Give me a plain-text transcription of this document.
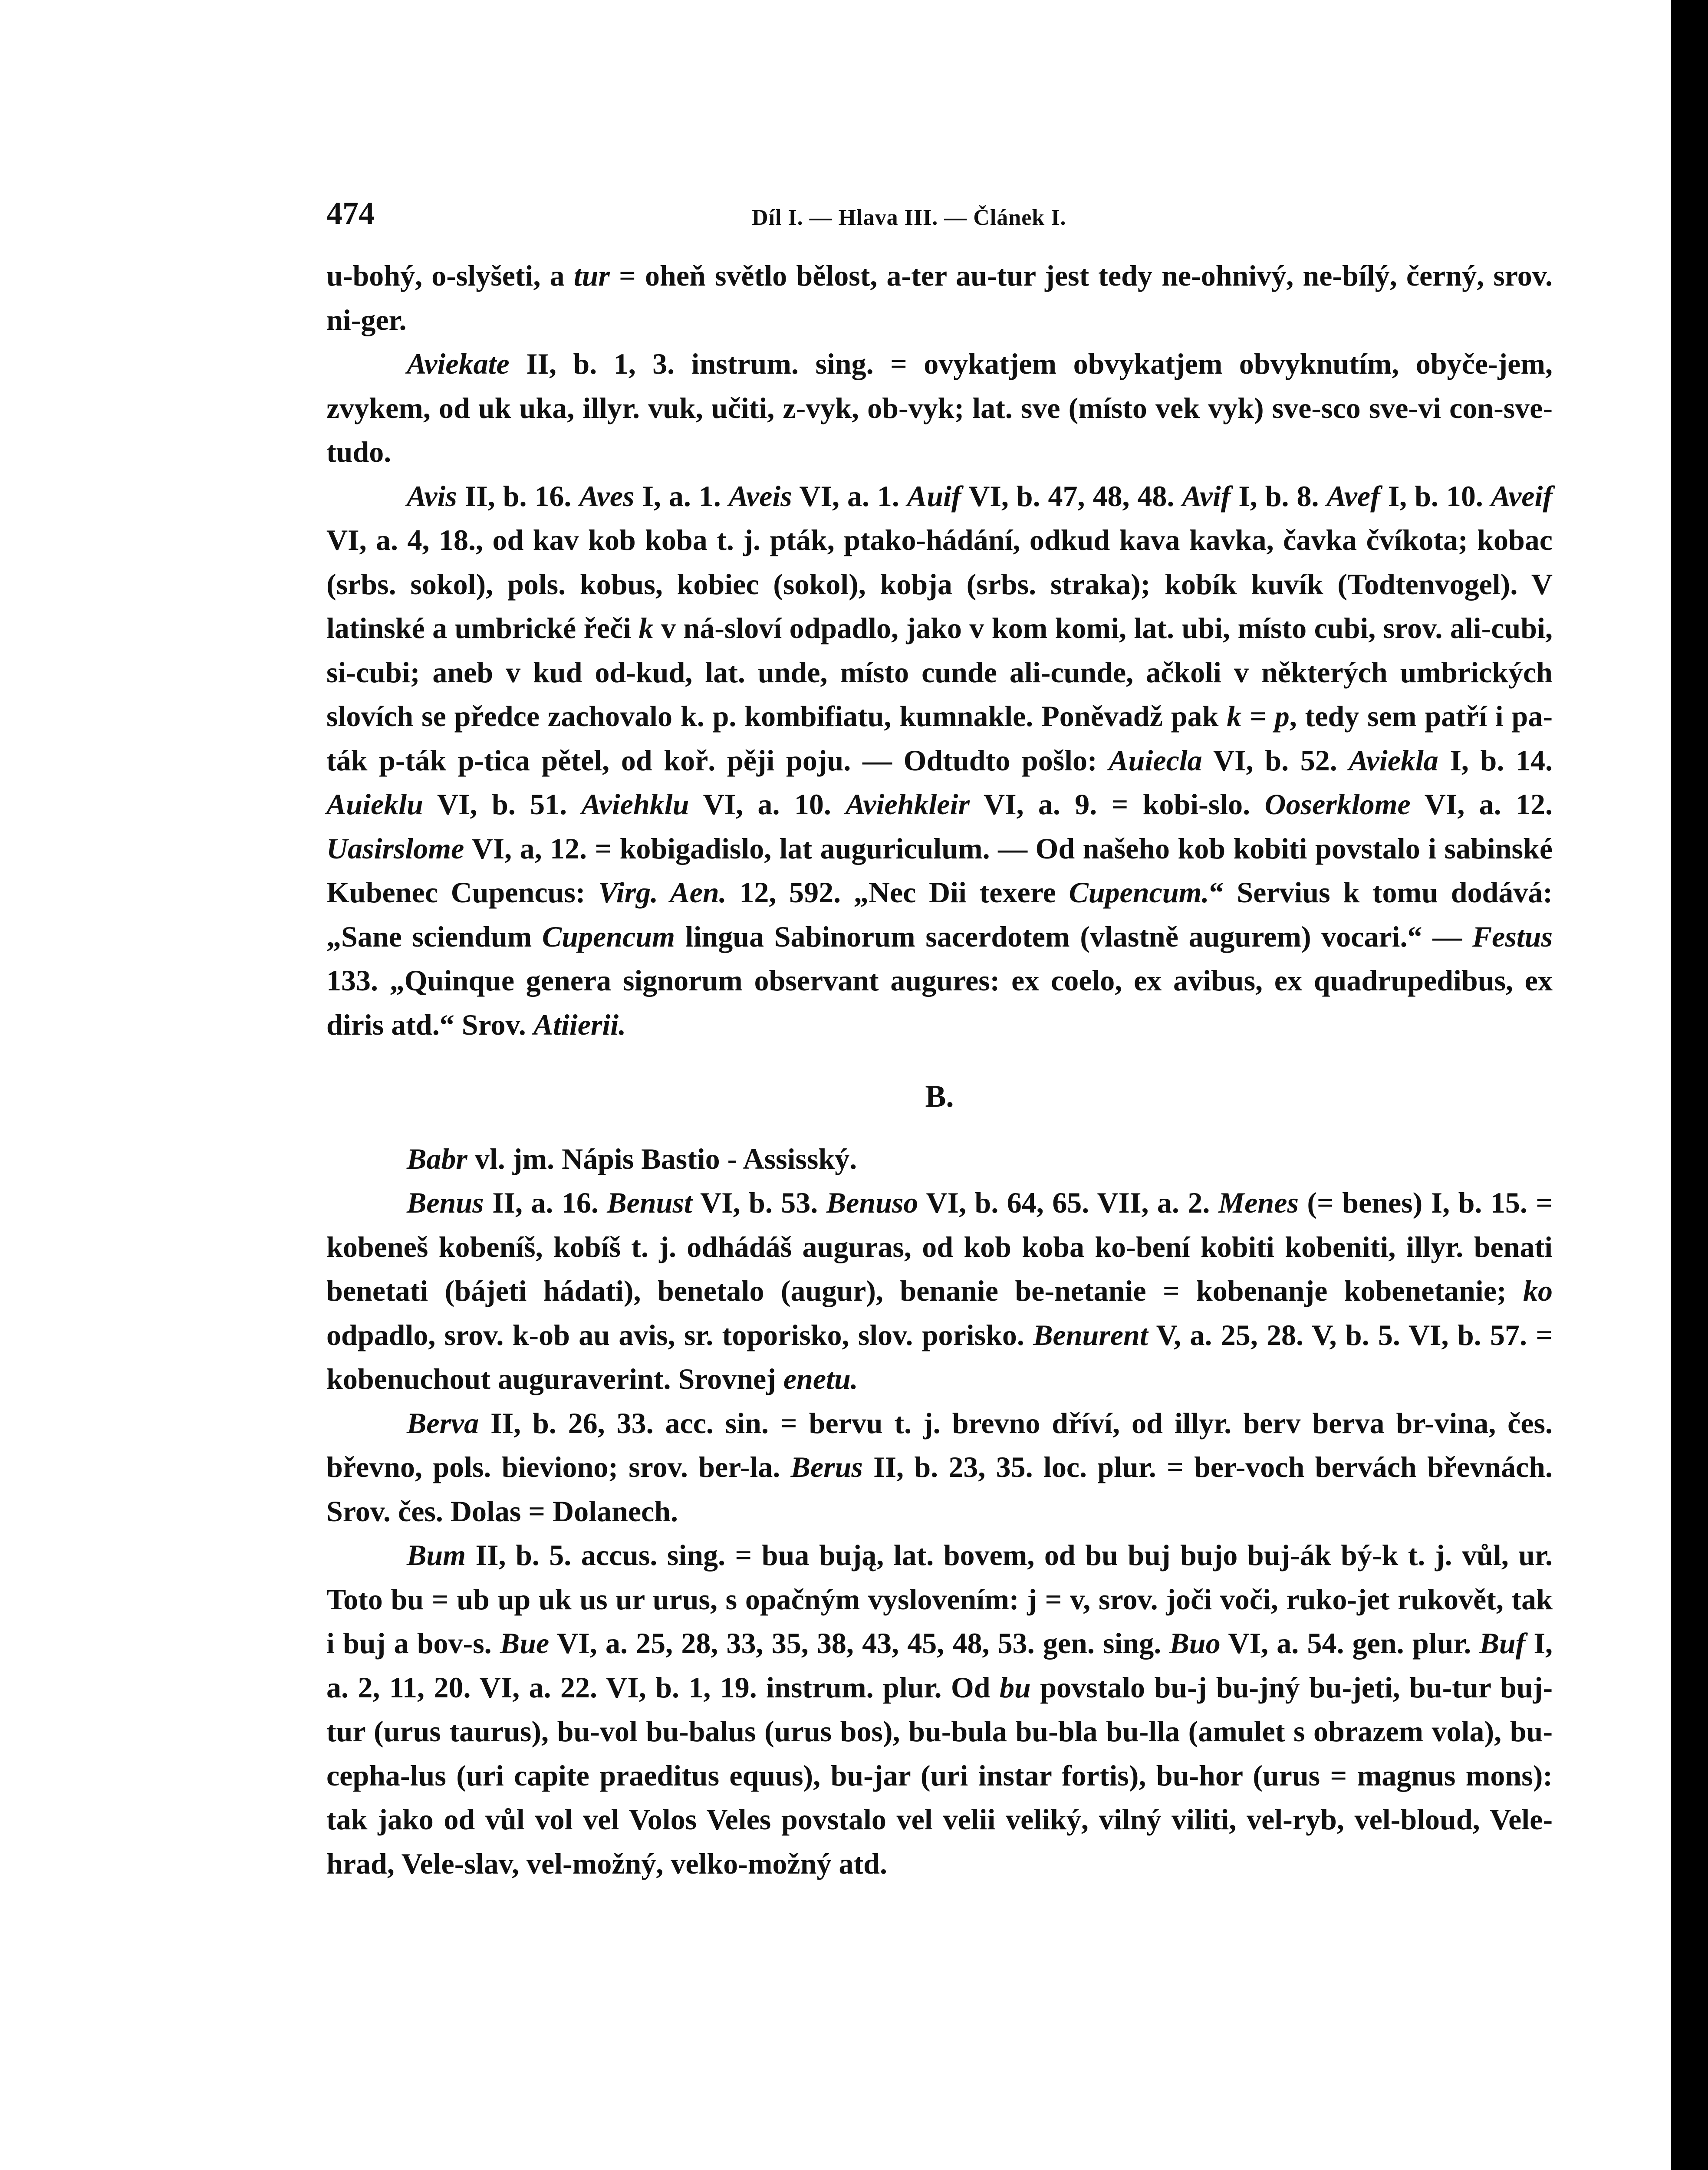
474	Díl I. — Hlava III. — Článek I.

u-bohý, o-slyšeti, a tur = oheň světlo bělost, a-ter au-tur jest tedy ne-ohnivý, ne-bílý, černý, srov. ni-ger.

Aviekate II, b. 1, 3. instrum. sing. = ovykatjem obvykatjem obvyknutím, obyče-jem, zvykem, od uk uka, illyr. vuk, učiti, z-vyk, ob-vyk; lat. sve (místo vek vyk) sve-sco sve-vi con-sve-tudo.

Avis II, b. 16. Aves I, a. 1. Aveis VI, a. 1. Auif VI, b. 47, 48, 48. Avif I, b. 8. Avef I, b. 10. Aveif VI, a. 4, 18., od kav kob koba t. j. pták, ptako-hádání, odkud kava kavka, čavka čvíkota; kobac (srbs. sokol), pols. kobus, kobiec (sokol), kobja (srbs. straka); kobík kuvík (Todtenvogel). V latinské a umbrické řeči k v ná-sloví odpadlo, jako v kom komi, lat. ubi, místo cubi, srov. ali-cubi, si-cubi; aneb v kud od-kud, lat. unde, místo cunde ali-cunde, ačkoli v některých umbrických slovích se předce zachovalo k. p. kombifiatu, kumnakle. Poněvadž pak k = p, tedy sem patří i pa-ták p-ták p-tica pětel, od koř. pěji poju. — Odtudto pošlo: Auiecla VI, b. 52. Aviekla I, b. 14. Auieklu VI, b. 51. Aviehklu VI, a. 10. Aviehkleir VI, a. 9. = kobi-slo. Ooserklome VI, a. 12. Uasirslome VI, a, 12. = kobigadislo, lat auguriculum. — Od našeho kob kobiti povstalo i sabinské Kubenec Cupencus: Virg. Aen. 12, 592. „Nec Dii texere Cupencum.“ Servius k tomu dodává: „Sane sciendum Cupencum lingua Sabinorum sacerdotem (vlastně augurem) vocari.“ — Festus 133. „Quinque genera signorum observant augures: ex coelo, ex avibus, ex quadrupedibus, ex diris atd.“ Srov. Atiierii.

B.

Babr vl. jm. Nápis Bastio - Assisský.

Benus II, a. 16. Benust VI, b. 53. Benuso VI, b. 64, 65. VII, a. 2. Menes (= benes) I, b. 15. = kobeneš kobeníš, kobíš t. j. odhádáš auguras, od kob koba ko-bení kobiti kobeniti, illyr. benati benetati (bájeti hádati), benetalo (augur), benanie be-netanie = kobenanje kobenetanie; ko odpadlo, srov. k-ob au avis, sr. toporisko, slov. porisko. Benurent V, a. 25, 28. V, b. 5. VI, b. 57. = kobenuchout auguraverint. Srovnej enetu.

Berva II, b. 26, 33. acc. sin. = bervu t. j. brevno dříví, od illyr. berv berva br-vina, čes. břevno, pols. bieviono; srov. ber-la. Berus II, b. 23, 35. loc. plur. = ber-voch bervách břevnách. Srov. čes. Dolas = Dolanech.

Bum II, b. 5. accus. sing. = bua bują, lat. bovem, od bu buj bujo buj-ák bý-k t. j. vůl, ur. Toto bu = ub up uk us ur urus, s opačným vyslovením: j = v, srov. joči voči, ruko-jet rukovět, tak i buj a bov-s. Bue VI, a. 25, 28, 33, 35, 38, 43, 45, 48, 53. gen. sing. Buo VI, a. 54. gen. plur. Buf I, a. 2, 11, 20. VI, a. 22. VI, b. 1, 19. instrum. plur. Od bu povstalo bu-j bu-jný bu-jeti, bu-tur buj-tur (urus taurus), bu-vol bu-balus (urus bos), bu-bula bu-bla bu-lla (amulet s obrazem vola), bu-cepha-lus (uri capite praeditus equus), bu-jar (uri instar fortis), bu-hor (urus = magnus mons): tak jako od vůl vol vel Volos Veles povstalo vel velii veliký, vilný viliti, vel-ryb, vel-bloud, Vele-hrad, Vele-slav, vel-možný, velko-možný atd.
